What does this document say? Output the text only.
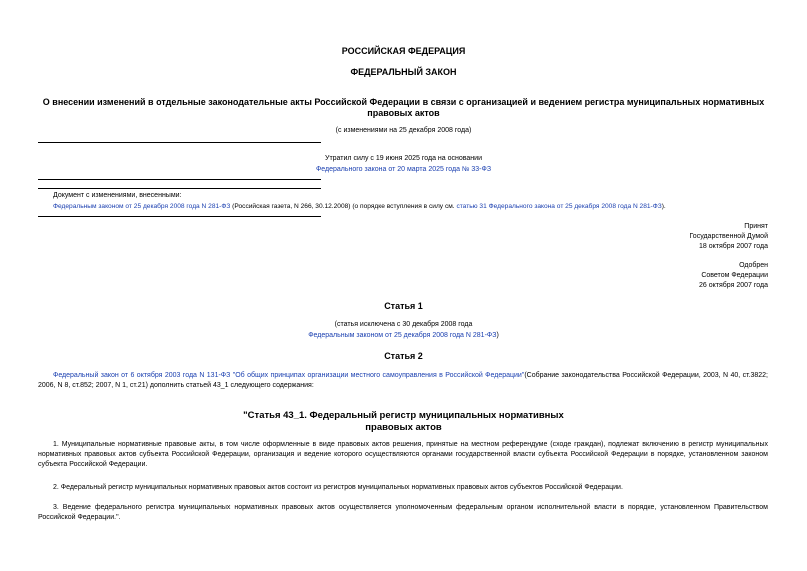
РОССИЙСКАЯ ФЕДЕРАЦИЯ
ФЕДЕРАЛЬНЫЙ ЗАКОН
О внесении изменений в отдельные законодательные акты Российской Федерации в связи с организацией и ведением регистра муниципальных нормативных правовых актов
(с изменениями на 25 декабря 2008 года)
Утратил силу с 19 июня 2025 года на основании
Федерального закона от 20 марта 2025 года № 33-ФЗ
Документ с изменениями, внесенными:
Федеральным законом от 25 декабря 2008 года N 281-ФЗ (Российская газета, N 266, 30.12.2008) (о порядке вступления в силу см. статью 31 Федерального закона от 25 декабря 2008 года N 281-ФЗ).
Принят
Государственной Думой
18 октября 2007 года
Одобрен
Советом Федерации
26 октября 2007 года
Статья 1
(статья исключена с 30 декабря 2008 года
Федеральным законом от 25 декабря 2008 года N 281-ФЗ)
Статья 2
Федеральный закон от 6 октября 2003 года N 131-ФЗ "Об общих принципах организации местного самоуправления в Российской Федерации"(Собрание законодательства Российской Федерации, 2003, N 40, ст.3822; 2006, N 8, ст.852; 2007, N 1, ст.21) дополнить статьей 43_1 следующего содержания:
"Статья 43_1. Федеральный регистр муниципальных нормативных
правовых актов
1. Муниципальные нормативные правовые акты, в том числе оформленные в виде правовых актов решения, принятые на местном референдуме (сходе граждан), подлежат включению в регистр муниципальных нормативных правовых актов субъекта Российской Федерации, организация и ведение которого осуществляются органами государственной власти субъекта Российской Федерации в порядке, установленном законом субъекта Российской Федерации.
2. Федеральный регистр муниципальных нормативных правовых актов состоит из регистров муниципальных нормативных правовых актов субъектов Российской Федерации.
3. Ведение федерального регистра муниципальных нормативных правовых актов осуществляется уполномоченным федеральным органом исполнительной власти в порядке, установленном Правительством Российской Федерации.".
